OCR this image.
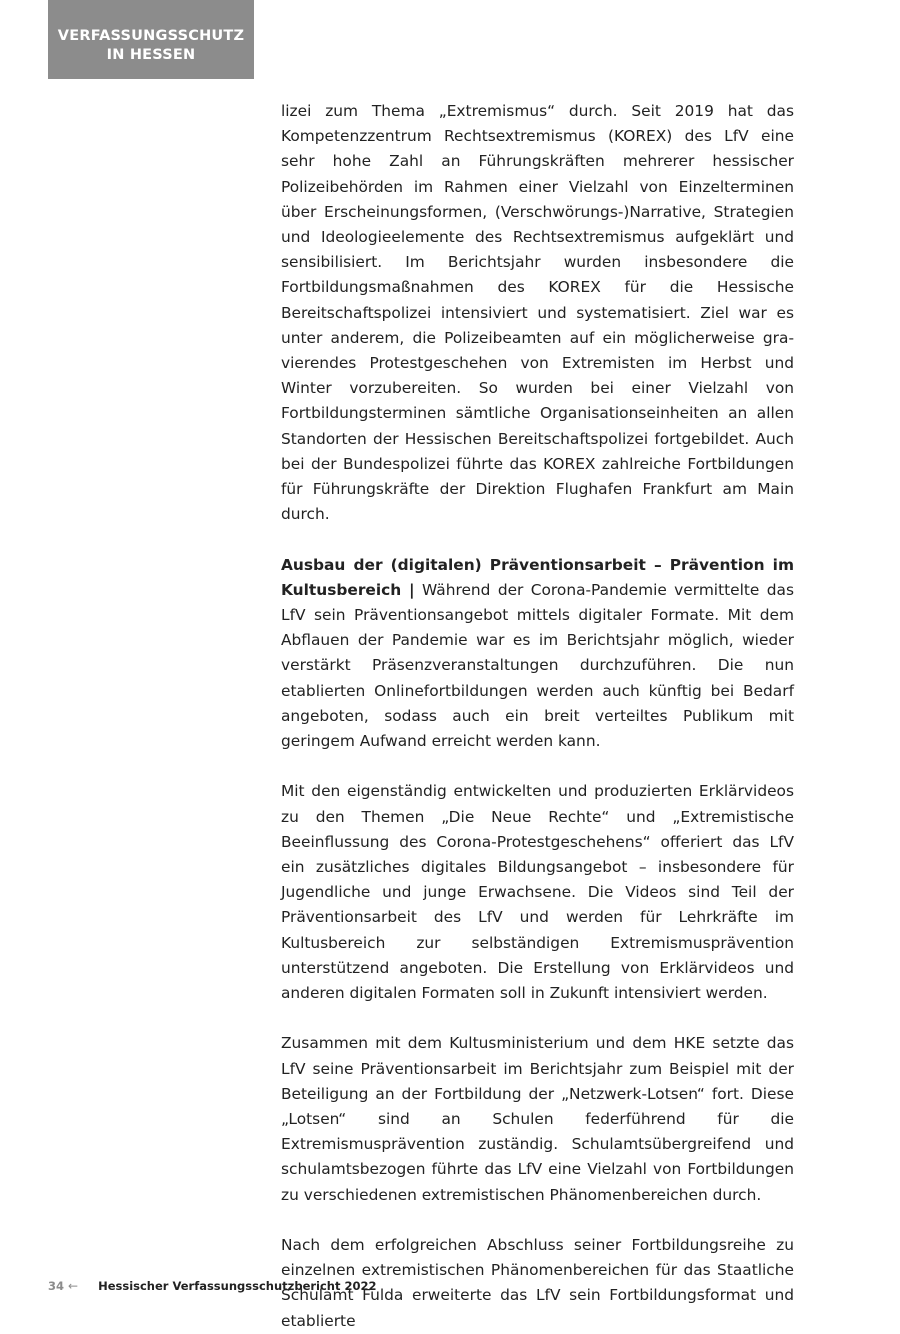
VERFASSUNGSSCHUTZ
IN HESSEN

lizei zum Thema „Extremismus“ durch. Seit 2019 hat das Kompetenzzentrum Rechtsextremismus (KOREX) des LfV eine sehr hohe Zahl an Führungskräften mehrerer hessischer Polizeibehörden im Rahmen einer Vielzahl von Einzelterminen über Erscheinungsformen, (Verschwörungs-)Narrative, Strategien und Ideologieelemente des Rechtsextremismus aufgeklärt und sensibilisiert. Im Berichtsjahr wurden insbesondere die Fortbildungsmaßnahmen des KOREX für die Hessische Bereitschaftspolizei intensiviert und systematisiert. Ziel war es unter anderem, die Polizeibeamten auf ein möglicherweise gravierendes Protestgeschehen von Extremisten im Herbst und Winter vorzubereiten. So wurden bei einer Vielzahl von Fortbildungsterminen sämtliche Organisationseinheiten an allen Standorten der Hessischen Bereitschaftspolizei fortgebildet. Auch bei der Bundespolizei führte das KOREX zahlreiche Fortbildungen für Führungskräfte der Direktion Flughafen Frankfurt am Main durch.

Ausbau der (digitalen) Präventionsarbeit – Prävention im Kultusbereich | Während der Corona-Pandemie vermittelte das LfV sein Präventionsangebot mittels digitaler Formate. Mit dem Abflauen der Pandemie war es im Berichtsjahr möglich, wieder verstärkt Präsenzveranstaltungen durchzuführen. Die nun etablierten Onlinefortbildungen werden auch künftig bei Bedarf angeboten, sodass auch ein breit verteiltes Publikum mit geringem Aufwand erreicht werden kann.

Mit den eigenständig entwickelten und produzierten Erklärvideos zu den Themen „Die Neue Rechte“ und „Extremistische Beeinflussung des Corona-Protestgeschehens“ offeriert das LfV ein zusätzliches digitales Bildungsangebot – insbesondere für Jugendliche und junge Erwachsene. Die Videos sind Teil der Präventionsarbeit des LfV und werden für Lehrkräfte im Kultusbereich zur selbständigen Extremismusprävention unterstützend angeboten. Die Erstellung von Erklärvideos und anderen digitalen Formaten soll in Zukunft intensiviert werden.

Zusammen mit dem Kultusministerium und dem HKE setzte das LfV seine Präventionsarbeit im Berichtsjahr zum Beispiel mit der Beteiligung an der Fortbildung der „Netzwerk-Lotsen“ fort. Diese „Lotsen“ sind an Schulen federführend für die Extremismusprävention zuständig. Schulamtsübergreifend und schulamtsbezogen führte das LfV eine Vielzahl von Fortbildungen zu verschiedenen extremistischen Phänomenbereichen durch.

Nach dem erfolgreichen Abschluss seiner Fortbildungsreihe zu einzelnen extremistischen Phänomenbereichen für das Staatliche Schulamt Fulda erweiterte das LfV sein Fortbildungsformat und etablierte

34 ← Hessischer Verfassungsschutzbericht 2022
